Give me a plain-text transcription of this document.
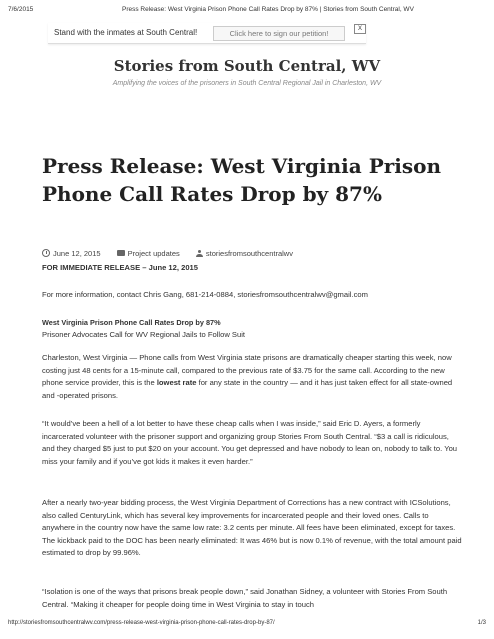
7/6/2015	Press Release: West Virginia Prison Phone Call Rates Drop by 87% | Stories from South Central, WV
Stand with the inmates at South Central!	Click here to sign our petition!	X
Stories from South Central, WV
Amplifying the voices of the prisoners in South Central Regional Jail in Charleston, WV
Press Release: West Virginia Prison Phone Call Rates Drop by 87%
June 12, 2015	Project updates	storiesfromsouthcentralwv

FOR IMMEDIATE RELEASE – June 12, 2015

For more information, contact Chris Gang, 681-214-0884, storiesfromsouthcentralwv@gmail.com

West Virginia Prison Phone Call Rates Drop by 87%

Prisoner Advocates Call for WV Regional Jails to Follow Suit

Charleston, West Virginia — Phone calls from West Virginia state prisons are dramatically cheaper starting this week, now costing just 48 cents for a 15-minute call, compared to the previous rate of $3.75 for the same call. According to the new phone service provider, this is the lowest rate for any state in the country — and it has just taken effect for all state-owned and -operated prisons.

“It would’ve been a hell of a lot better to have these cheap calls when I was inside,” said Eric D. Ayers, a formerly incarcerated volunteer with the prisoner support and organizing group Stories From South Central. “$3 a call is ridiculous, and they charged $5 just to put $20 on your account. You get depressed and have nobody to lean on, nobody to talk to. You miss your family and if you’ve got kids it makes it even harder.”

After a nearly two-year bidding process, the West Virginia Department of Corrections has a new contract with ICSolutions, also called CenturyLink, which has several key improvements for incarcerated people and their loved ones. Calls to anywhere in the country now have the same low rate: 3.2 cents per minute. All fees have been eliminated, except for taxes. The kickback paid to the DOC has been nearly eliminated: It was 46% but is now 0.1% of revenue, with the total amount paid estimated to drop by 99.96%.

“Isolation is one of the ways that prisons break people down,” said Jonathan Sidney, a volunteer with Stories From South Central. “Making it cheaper for people doing time in West Virginia to stay in touch

http://storiesfromsouthcentralwv.com/press-release-west-virginia-prison-phone-call-rates-drop-by-87/	1/3
